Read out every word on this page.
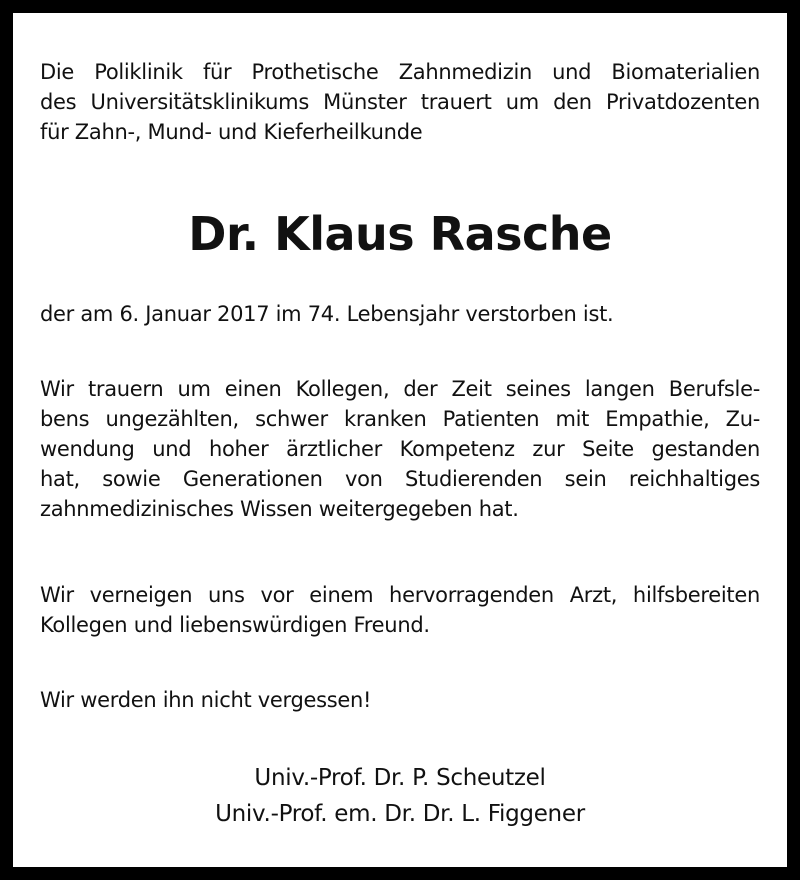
Die Poliklinik für Prothetische Zahnmedizin und Biomaterialien
des Universitätsklinikums Münster trauert um den Privatdozenten
für Zahn-, Mund- und Kieferheilkunde

Dr. Klaus Rasche

der am 6. Januar 2017 im 74. Lebensjahr verstorben ist.

Wir trauern um einen Kollegen, der Zeit seines langen Berufsle-
bens ungezählten, schwer kranken Patienten mit Empathie, Zu-
wendung und hoher ärztlicher Kompetenz zur Seite gestanden
hat, sowie Generationen von Studierenden sein reichhaltiges
zahnmedizinisches Wissen weitergegeben hat.

Wir verneigen uns vor einem hervorragenden Arzt, hilfsbereiten
Kollegen und liebenswürdigen Freund.

Wir werden ihn nicht vergessen!

Univ.-Prof. Dr. P. Scheutzel
Univ.-Prof. em. Dr. Dr. L. Figgener
